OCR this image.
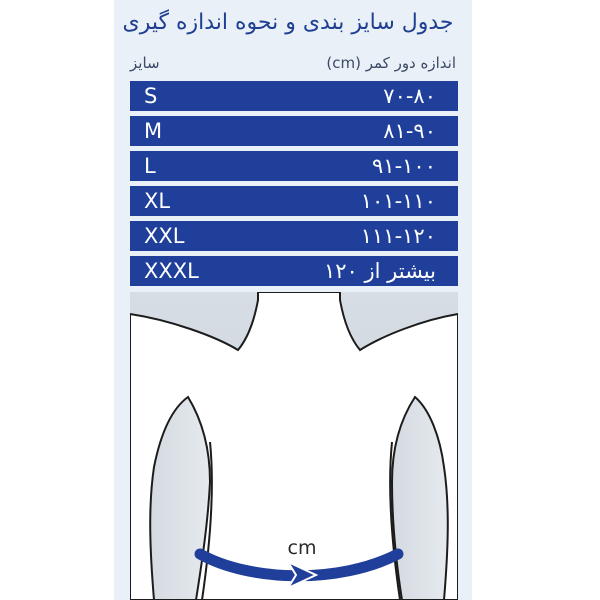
جدول سایز بندی و نحوه اندازه گیری
سایز	اندازه دور کمر (cm)
S	۷۰-۸۰
M	۸۱-۹۰
L	۹۱-۱۰۰
XL	۱۰۱-۱۱۰
XXL	۱۱۱-۱۲۰
XXXL	بیشتر از ۱۲۰
cm
